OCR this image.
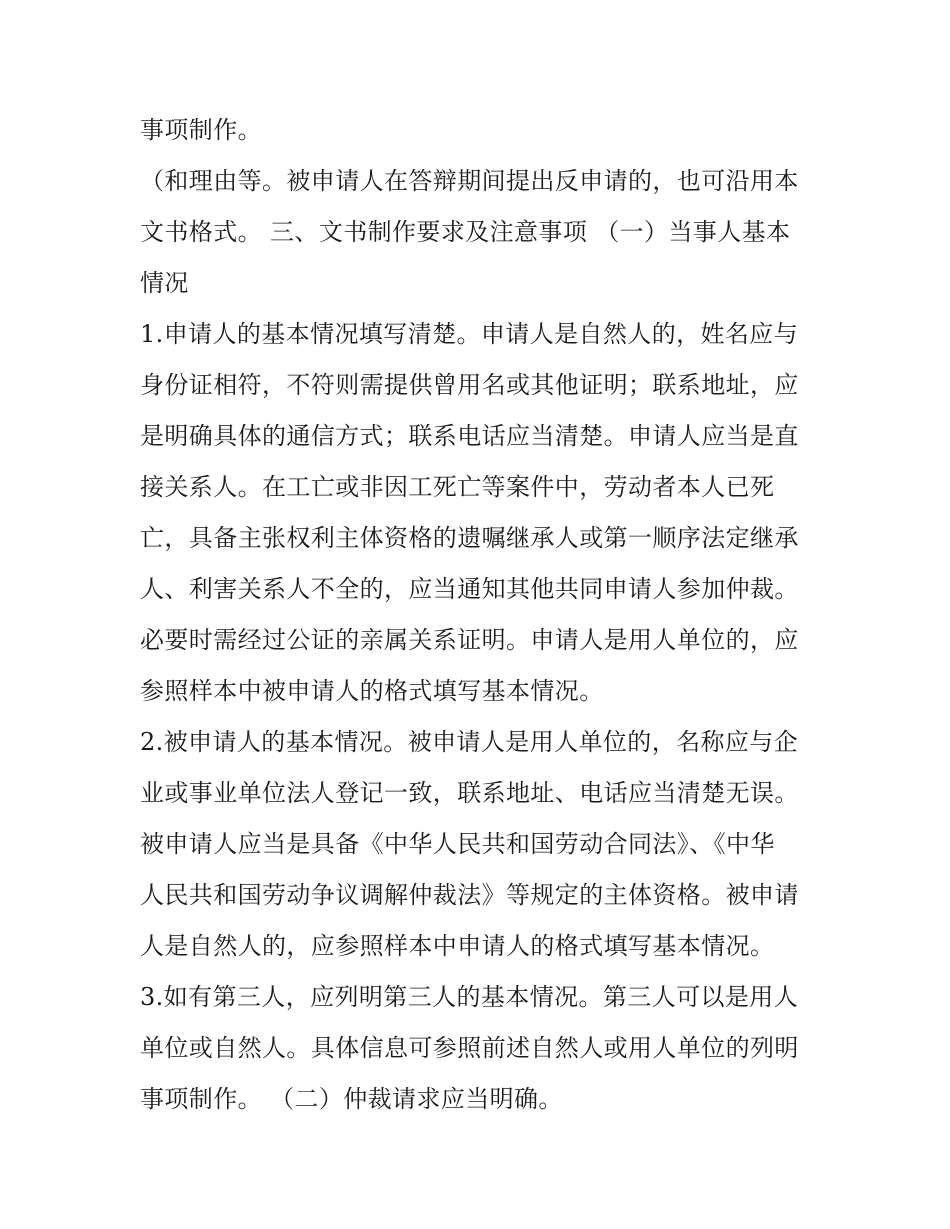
事项制作。
（和理由等。被申请人在答辩期间提出反申请的，也可沿用本
文书格式。 三、文书制作要求及注意事项 （一）当事人基本
情况
1.申请人的基本情况填写清楚。申请人是自然人的，姓名应与
身份证相符，不符则需提供曾用名或其他证明；联系地址，应
是明确具体的通信方式；联系电话应当清楚。申请人应当是直
接关系人。在工亡或非因工死亡等案件中，劳动者本人已死
亡，具备主张权利主体资格的遗嘱继承人或第一顺序法定继承
人、利害关系人不全的，应当通知其他共同申请人参加仲裁。
必要时需经过公证的亲属关系证明。申请人是用人单位的，应
参照样本中被申请人的格式填写基本情况。
2.被申请人的基本情况。被申请人是用人单位的，名称应与企
业或事业单位法人登记一致，联系地址、电话应当清楚无误。
被申请人应当是具备《中华人民共和国劳动合同法》、《中华
人民共和国劳动争议调解仲裁法》等规定的主体资格。被申请
人是自然人的，应参照样本中申请人的格式填写基本情况。
3.如有第三人，应列明第三人的基本情况。第三人可以是用人
单位或自然人。具体信息可参照前述自然人或用人单位的列明
事项制作。 （二）仲裁请求应当明确。
